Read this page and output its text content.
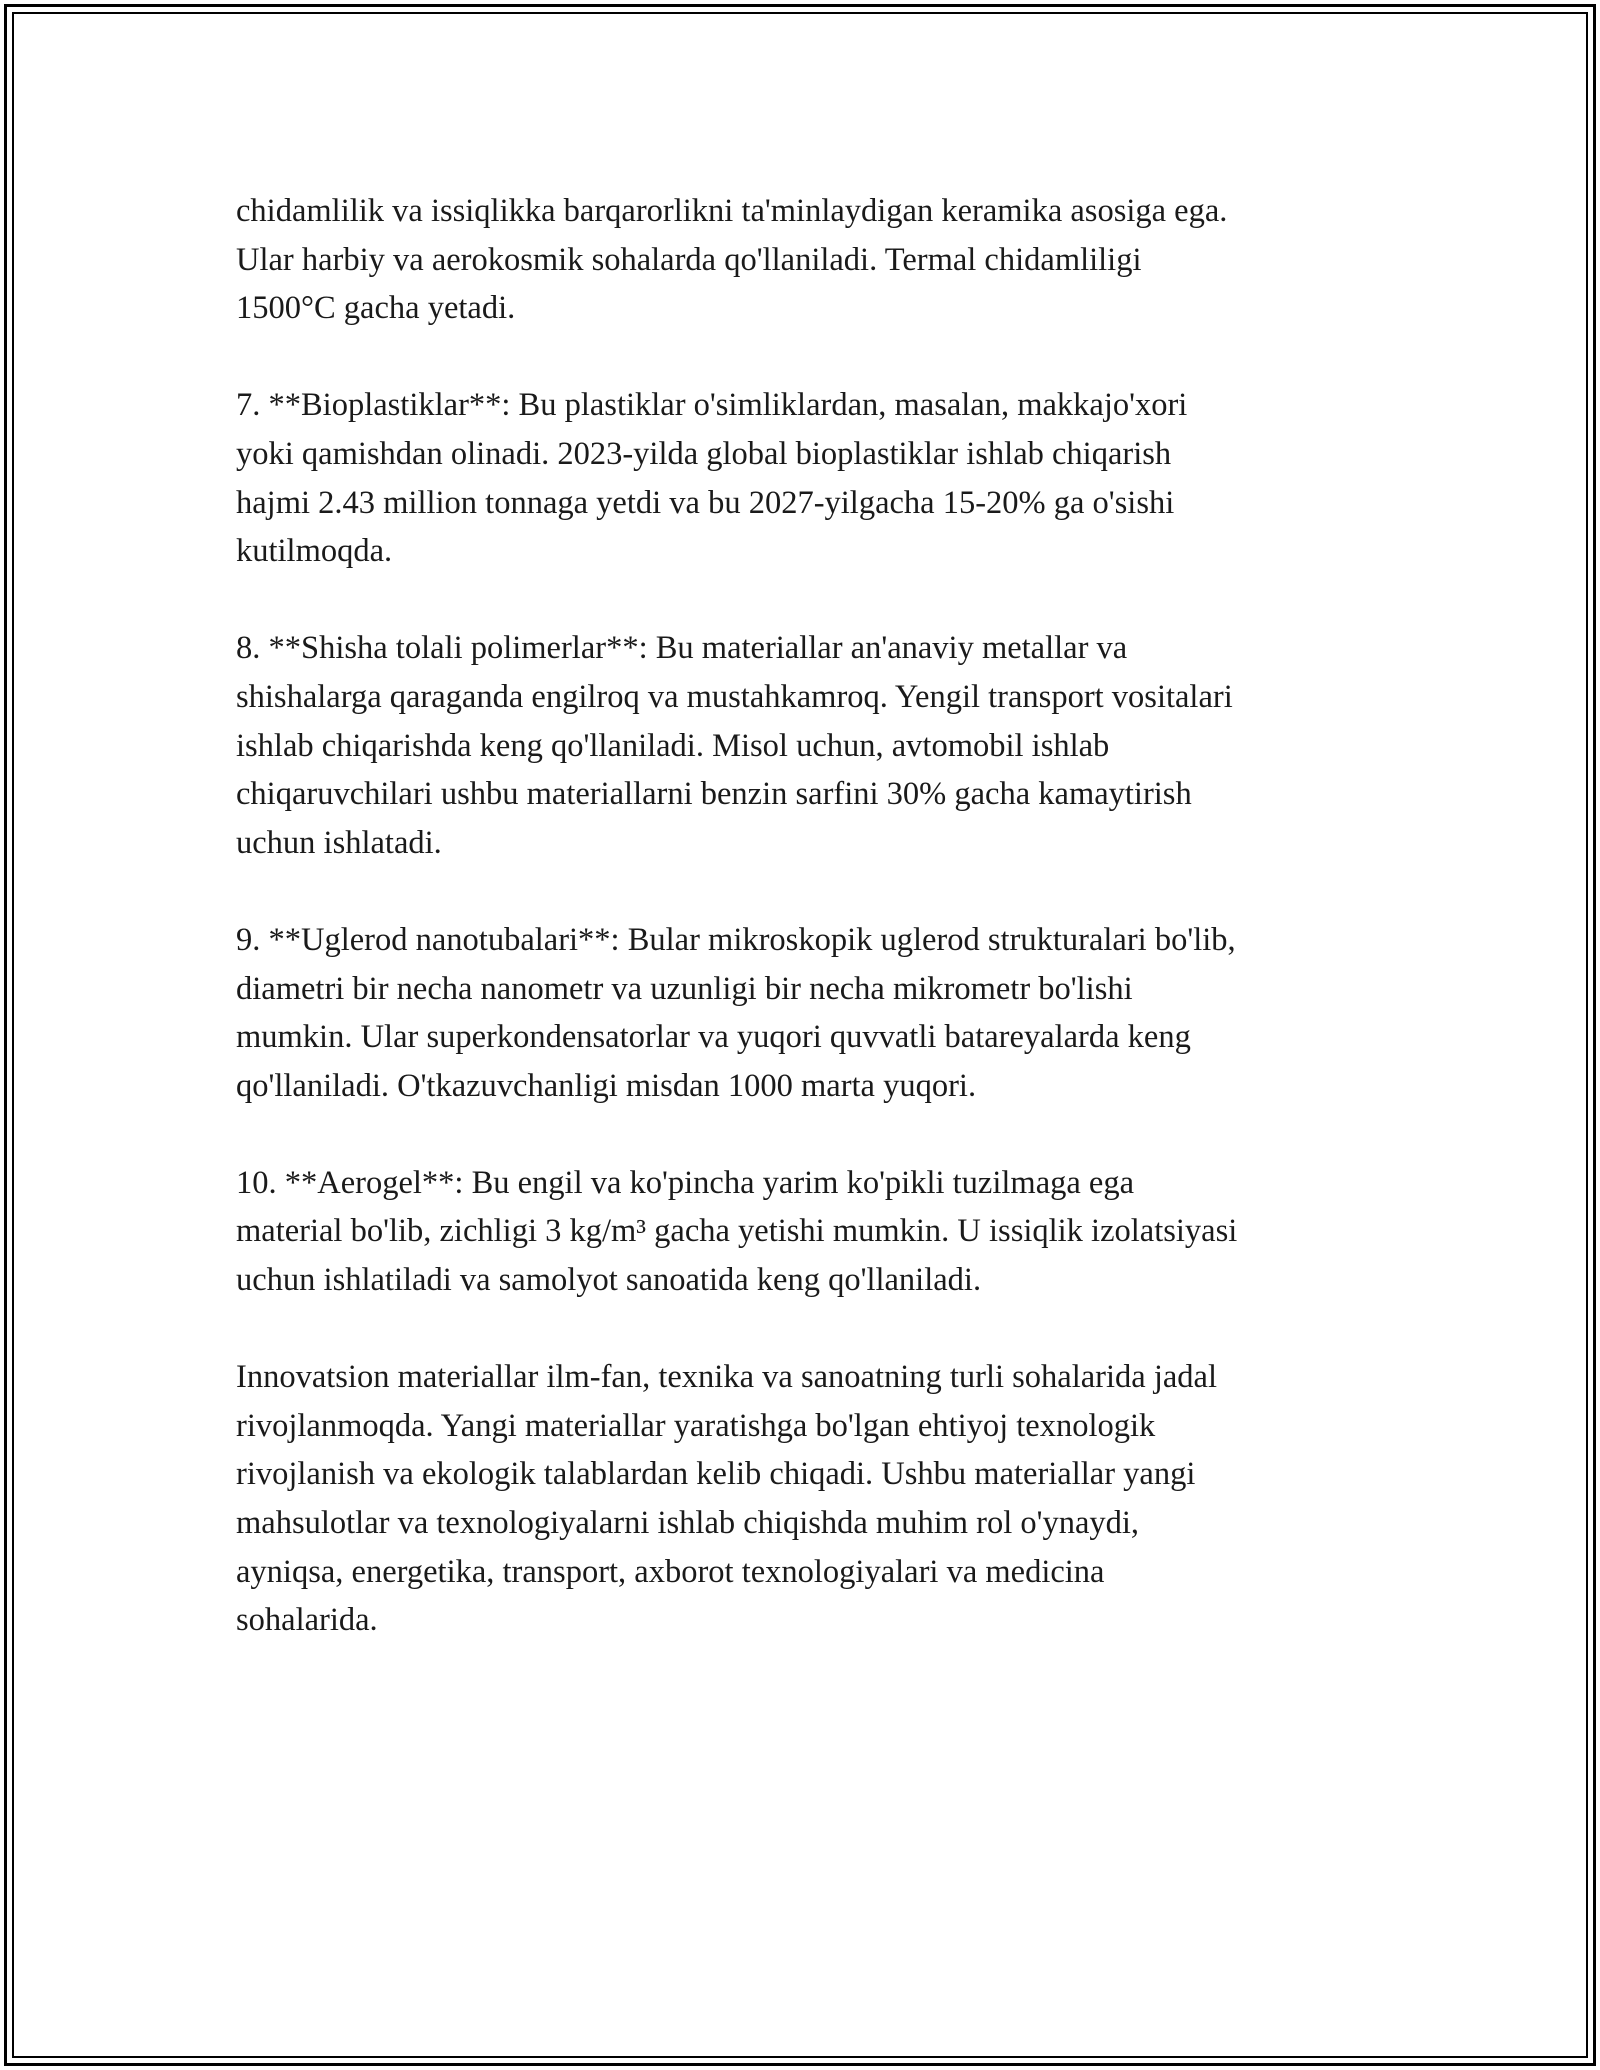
chidamlilik va issiqlikka barqarorlikni ta'minlaydigan keramika asosiga ega.
Ular harbiy va aerokosmik sohalarda qo'llaniladi. Termal chidamliligi
1500°C gacha yetadi.

7. **Bioplastiklar**: Bu plastiklar o'simliklardan, masalan, makkajo'xori
yoki qamishdan olinadi. 2023-yilda global bioplastiklar ishlab chiqarish
hajmi 2.43 million tonnaga yetdi va bu 2027-yilgacha 15-20% ga o'sishi
kutilmoqda.

8. **Shisha tolali polimerlar**: Bu materiallar an'anaviy metallar va
shishalarga qaraganda engilroq va mustahkamroq. Yengil transport vositalari
ishlab chiqarishda keng qo'llaniladi. Misol uchun, avtomobil ishlab
chiqaruvchilari ushbu materiallarni benzin sarfini 30% gacha kamaytirish
uchun ishlatadi.

9. **Uglerod nanotubalari**: Bular mikroskopik uglerod strukturalari bo'lib,
diametri bir necha nanometr va uzunligi bir necha mikrometr bo'lishi
mumkin. Ular superkondensatorlar va yuqori quvvatli batareyalarda keng
qo'llaniladi. O'tkazuvchanligi misdan 1000 marta yuqori.

10. **Aerogel**: Bu engil va ko'pincha yarim ko'pikli tuzilmaga ega
material bo'lib, zichligi 3 kg/m³ gacha yetishi mumkin. U issiqlik izolatsiyasi
uchun ishlatiladi va samolyot sanoatida keng qo'llaniladi.

Innovatsion materiallar ilm-fan, texnika va sanoatning turli sohalarida jadal
rivojlanmoqda. Yangi materiallar yaratishga bo'lgan ehtiyoj texnologik
rivojlanish va ekologik talablardan kelib chiqadi. Ushbu materiallar yangi
mahsulotlar va texnologiyalarni ishlab chiqishda muhim rol o'ynaydi,
ayniqsa, energetika, transport, axborot texnologiyalari va medicina
sohalarida.
